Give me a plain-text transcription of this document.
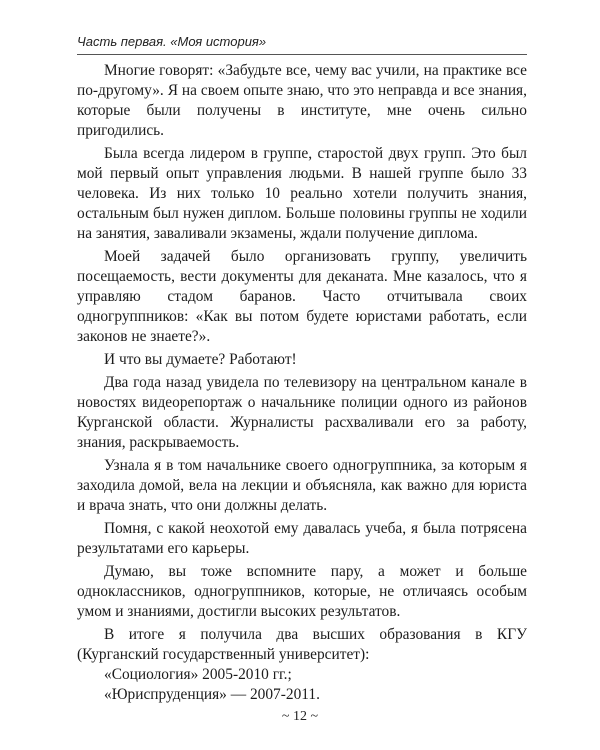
Часть первая. «Моя история»

Многие говорят: «Забудьте все, чему вас учили, на практике все по-другому». Я на своем опыте знаю, что это неправда и все знания, которые были получены в институте, мне очень сильно пригодились.

Была всегда лидером в группе, старостой двух групп. Это был мой первый опыт управления людьми. В нашей группе было 33 человека. Из них только 10 реально хотели получить знания, остальным был нужен диплом. Больше половины группы не ходили на занятия, заваливали экзамены, ждали получение диплома.

Моей задачей было организовать группу, увеличить посещаемость, вести документы для деканата. Мне казалось, что я управляю стадом баранов. Часто отчитывала своих одногруппников: «Как вы потом будете юристами работать, если законов не знаете?».

И что вы думаете? Работают!

Два года назад увидела по телевизору на центральном канале в новостях видеорепортаж о начальнике полиции одного из районов Курганской области. Журналисты расхваливали его за работу, знания, раскрываемость.

Узнала я в том начальнике своего одногруппника, за которым я заходила домой, вела на лекции и объясняла, как важно для юриста и врача знать, что они должны делать.

Помня, с какой неохотой ему давалась учеба, я была потрясена результатами его карьеры.

Думаю, вы тоже вспомните пару, а может и больше одноклассников, одногруппников, которые, не отличаясь особым умом и знаниями, достигли высоких результатов.

В итоге я получила два высших образования в КГУ (Курганский государственный университет):

«Социология» 2005-2010 гг.;

«Юриспруденция» — 2007-2011.

~ 12 ~
